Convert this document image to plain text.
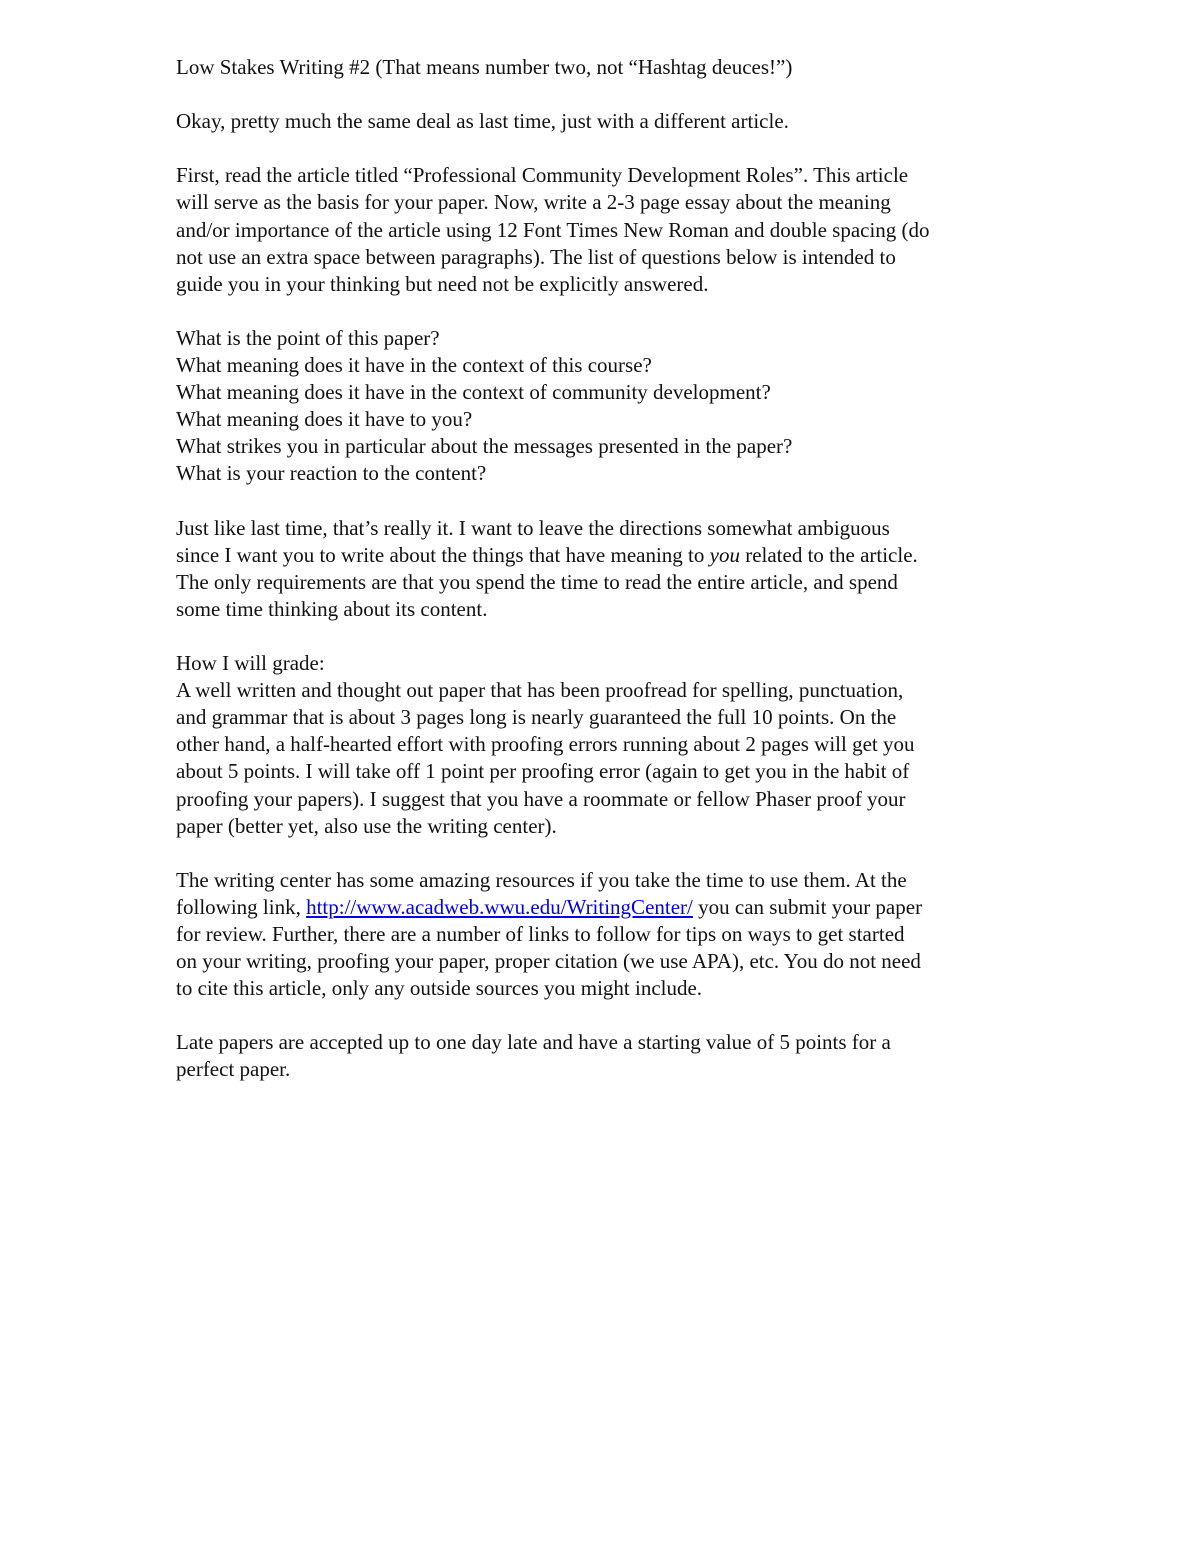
Low Stakes Writing #2 (That means number two, not “Hashtag deuces!”)
Okay, pretty much the same deal as last time, just with a different article.
First, read the article titled “Professional Community Development Roles”. This article
will serve as the basis for your paper. Now, write a 2-3 page essay about the meaning
and/or importance of the article using 12 Font Times New Roman and double spacing (do
not use an extra space between paragraphs). The list of questions below is intended to
guide you in your thinking but need not be explicitly answered.
What is the point of this paper?
What meaning does it have in the context of this course?
What meaning does it have in the context of community development?
What meaning does it have to you?
What strikes you in particular about the messages presented in the paper?
What is your reaction to the content?
Just like last time, that’s really it. I want to leave the directions somewhat ambiguous
since I want you to write about the things that have meaning to you related to the article.
The only requirements are that you spend the time to read the entire article, and spend
some time thinking about its content.
How I will grade:
A well written and thought out paper that has been proofread for spelling, punctuation,
and grammar that is about 3 pages long is nearly guaranteed the full 10 points. On the
other hand, a half-hearted effort with proofing errors running about 2 pages will get you
about 5 points. I will take off 1 point per proofing error (again to get you in the habit of
proofing your papers). I suggest that you have a roommate or fellow Phaser proof your
paper (better yet, also use the writing center).
The writing center has some amazing resources if you take the time to use them. At the
following link, http://www.acadweb.wwu.edu/WritingCenter/ you can submit your paper
for review. Further, there are a number of links to follow for tips on ways to get started
on your writing, proofing your paper, proper citation (we use APA), etc. You do not need
to cite this article, only any outside sources you might include.
Late papers are accepted up to one day late and have a starting value of 5 points for a
perfect paper.
